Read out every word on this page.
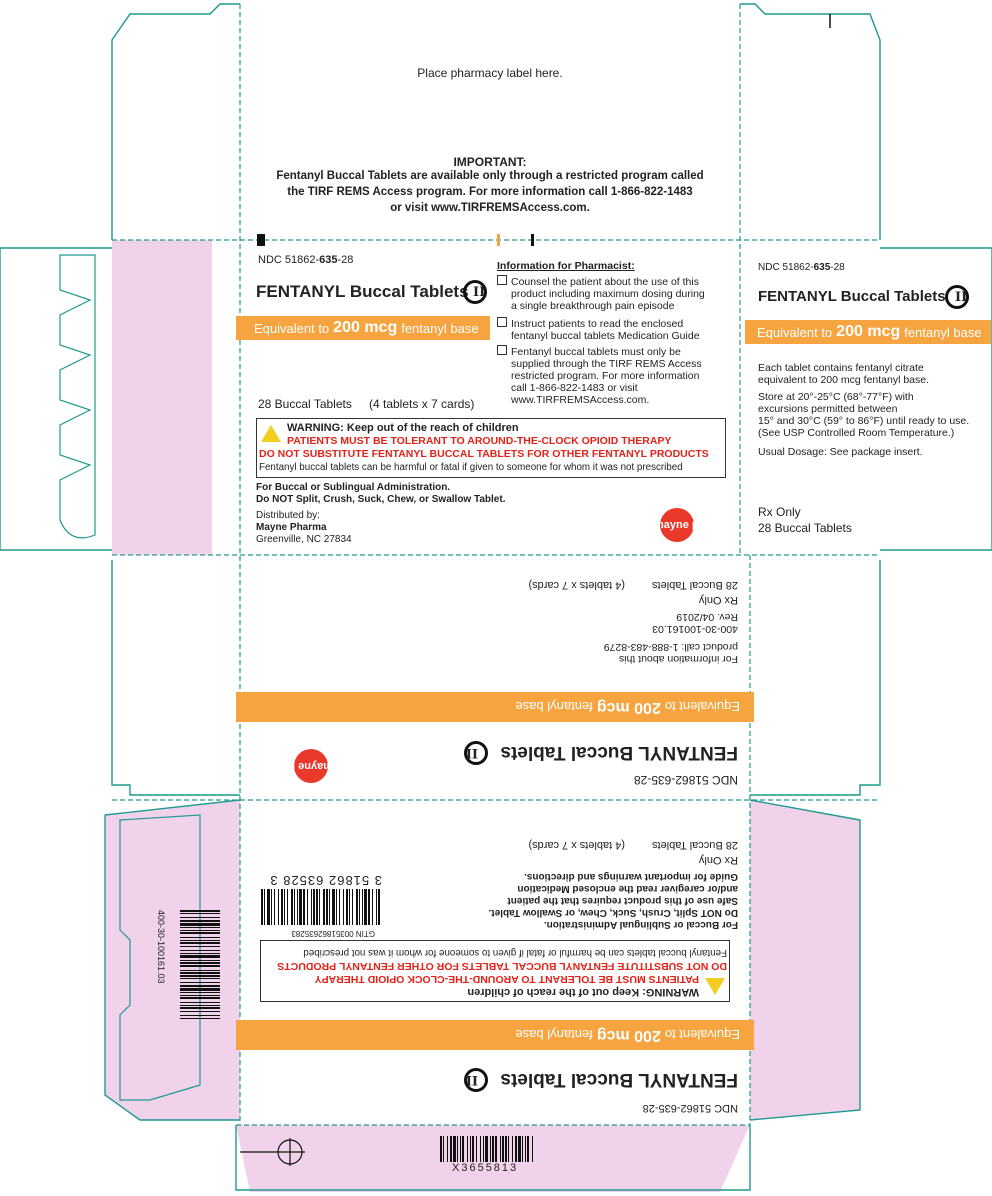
Place pharmacy label here.
IMPORTANT:
Fentanyl Buccal Tablets are available only through a restricted program called
the TIRF REMS Access program. For more information call 1-866-822-1483
or visit www.TIRFREMSAccess.com.
NDC 51862-635-28
FENTANYL Buccal Tablets II
Equivalent to 200 mcg fentanyl base
28 Buccal Tablets (4 tablets x 7 cards)
Information for Pharmacist:
Counsel the patient about the use of this
product including maximum dosing during
a single breakthrough pain episode
Instruct patients to read the enclosed
fentanyl buccal tablets Medication Guide
Fentanyl buccal tablets must only be
supplied through the TIRF REMS Access
restricted program. For more information
call 1-866-822-1483 or visit
www.TIRFREMSAccess.com.
WARNING: Keep out of the reach of children
PATIENTS MUST BE TOLERANT TO AROUND-THE-CLOCK OPIOID THERAPY
DO NOT SUBSTITUTE FENTANYL BUCCAL TABLETS FOR OTHER FENTANYL PRODUCTS
Fentanyl buccal tablets can be harmful or fatal if given to someone for whom it was not prescribed
For Buccal or Sublingual Administration.
Do NOT Split, Crush, Suck, Chew, or Swallow Tablet.
Distributed by:
Mayne Pharma
Greenville, NC 27834
mayne pharma
NDC 51862-635-28
FENTANYL Buccal Tablets II
Equivalent to 200 mcg fentanyl base
Each tablet contains fentanyl citrate
equivalent to 200 mcg fentanyl base.
Store at 20°-25°C (68°-77°F) with
excursions permitted between
15° and 30°C (59° to 86°F) until ready to use.
(See USP Controlled Room Temperature.)
Usual Dosage: See package insert.
Rx Only
28 Buccal Tablets
NDC 51862-635-28
FENTANYL Buccal Tablets
II
Equivalent to
200 mcg
fentanyl base
For information about this
product call: 1-888-483-8279
400-30-100161.03
Rev. 04/2019
Rx Only
28 Buccal Tablets
(4 tablets x 7 cards)
mayne pharma
NDC 51862-635-28
FENTANYL Buccal Tablets
II
Equivalent to
200 mcg
fentanyl base
WARNING: Keep out of the reach of children
PATIENTS MUST BE TOLERANT TO AROUND-THE-CLOCK OPIOID THERAPY
DO NOT SUBSTITUTE FENTANYL BUCCAL TABLETS FOR OTHER FENTANYL PRODUCTS
Fentanyl buccal tablets can be harmful or fatal if given to someone for whom it was not prescribed
For Buccal or Sublingual Administration.
Do NOT Split, Crush, Suck, Chew, or Swallow Tablet.
Safe use of this product requires that the patient
and/or caregiver read the enclosed Medication
Guide for important warnings and directions.
Rx Only
28 Buccal Tablets
(4 tablets x 7 cards)
GTIN 00351862635283
3 51862 63528 3
400-30-100161.03
X3655813
